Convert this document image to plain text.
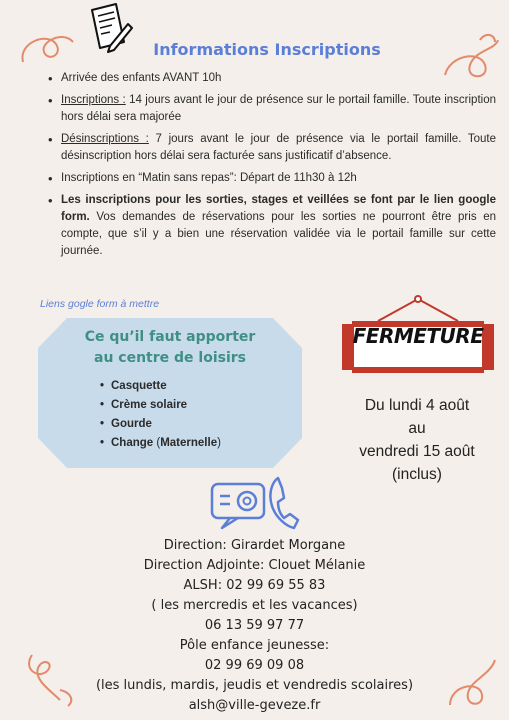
Informations Inscriptions
• Arrivée des enfants AVANT 10h
• Inscriptions : 14 jours avant le jour de présence sur le portail famille. Toute inscription hors délai sera majorée
• Désinscriptions : 7 jours avant le jour de présence via le portail famille. Toute désinscription hors délai sera facturée sans justificatif d’absence.
• Inscriptions en “Matin sans repas”: Départ de 11h30 à 12h
• Les inscriptions pour les sorties, stages et veillées se font par le lien google form. Vos demandes de réservations pour les sorties ne pourront être pris en compte, que s’il y a bien une réservation validée via le portail famille sur cette journée.
Liens gogle form à mettre
Ce qu’il faut apporter
au centre de loisirs
• Casquette
• Crème solaire
• Gourde
• Change (Maternelle)
FERMETURE
Du lundi 4 août
au
vendredi 15 août
(inclus)
Direction: Girardet Morgane
Direction Adjointe: Clouet Mélanie
ALSH: 02 99 69 55 83
( les mercredis et les vacances)
06 13 59 97 77
Pôle enfance jeunesse:
02 99 69 09 08
(les lundis, mardis, jeudis et vendredis scolaires)
alsh@ville-geveze.fr
